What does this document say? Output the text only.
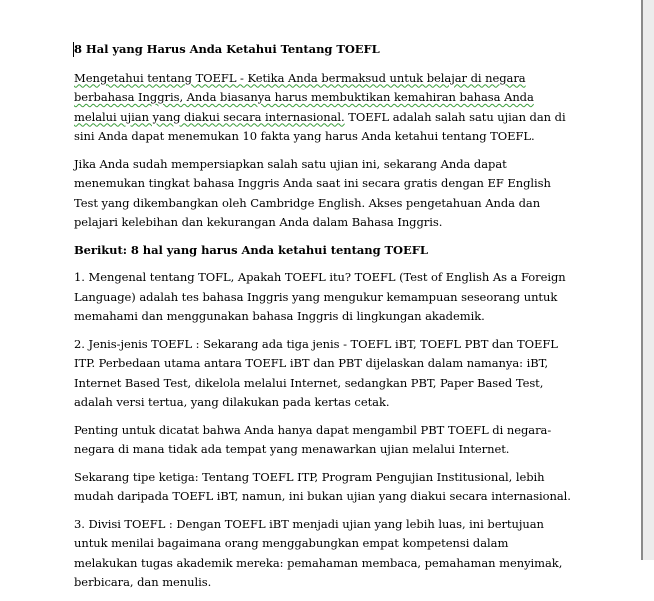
8 Hal yang Harus Anda Ketahui Tentang TOEFL

Mengetahui tentang TOEFL - Ketika Anda bermaksud untuk belajar di negara berbahasa Inggris, Anda biasanya harus membuktikan kemahiran bahasa Anda melalui ujian yang diakui secara internasional. TOEFL adalah salah satu ujian dan di sini Anda dapat menemukan 10 fakta yang harus Anda ketahui tentang TOEFL.

Jika Anda sudah mempersiapkan salah satu ujian ini, sekarang Anda dapat menemukan tingkat bahasa Inggris Anda saat ini secara gratis dengan EF English Test yang dikembangkan oleh Cambridge English. Akses pengetahuan Anda dan pelajari kelebihan dan kekurangan Anda dalam Bahasa Inggris.

Berikut: 8 hal yang harus Anda ketahui tentang TOEFL

1. Mengenal tentang TOFL, Apakah TOEFL itu? TOEFL (Test of English As a Foreign Language) adalah tes bahasa Inggris yang mengukur kemampuan seseorang untuk memahami dan menggunakan bahasa Inggris di lingkungan akademik.

2. Jenis-jenis TOEFL : Sekarang ada tiga jenis - TOEFL iBT, TOEFL PBT dan TOEFL ITP. Perbedaan utama antara TOEFL iBT dan PBT dijelaskan dalam namanya: iBT, Internet Based Test, dikelola melalui Internet, sedangkan PBT, Paper Based Test, adalah versi tertua, yang dilakukan pada kertas cetak.

Penting untuk dicatat bahwa Anda hanya dapat mengambil PBT TOEFL di negara-negara di mana tidak ada tempat yang menawarkan ujian melalui Internet.

Sekarang tipe ketiga: Tentang TOEFL ITP, Program Pengujian Institusional, lebih mudah daripada TOEFL iBT, namun, ini bukan ujian yang diakui secara internasional.

3. Divisi TOEFL : Dengan TOEFL iBT menjadi ujian yang lebih luas, ini bertujuan untuk menilai bagaimana orang menggabungkan empat kompetensi dalam melakukan tugas akademik mereka: pemahaman membaca, pemahaman menyimak, berbicara, dan menulis.
